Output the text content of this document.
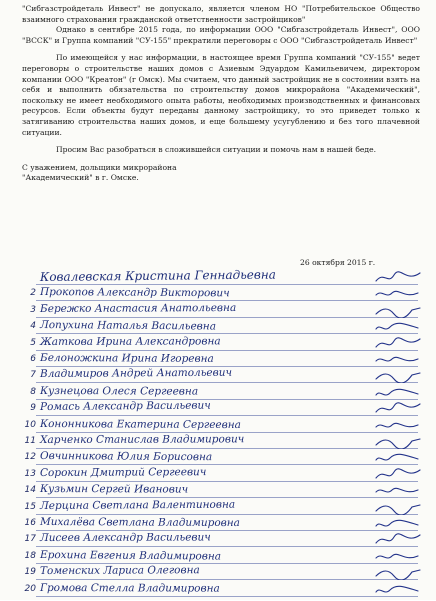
"Сибгазстройдеталь Инвест" не допускало, является членом НО "Потребительское Общество взаимного страхования гражданской ответственности застройщиков"

Однако в сентябре 2015 года, по информации ООО "Сибгазстройдеталь Инвест", ООО "ВССК" и Группа компаний "СУ-155" прекратили переговоры с ООО "Сибгазстройдеталь Инвест"

По имеющейся у нас информации, в настоящее время Группа компаний "СУ-155" ведет переговоры о строительстве наших домов с Азиевым Эдуардом Камильевичем, директором компании ООО "Креатон" (г Омск). Мы считаем, что данный застройщик не в состоянии взять на себя и выполнить обязательства по строительству домов микрорайона "Академический", поскольку не имеет необходимого опыта работы, необходимых производственных и финансовых ресурсов. Если объекты будут переданы данному застройщику, то это приведет только к затягиванию строительства наших домов, и еще большему усугублению и без того плачевной ситуации.

Просим Вас разобраться в сложившейся ситуации и помочь нам в нашей беде.

С уважением, дольщики микрорайона

"Академический" в г. Омске.

26 октября 2015 г.
Ковалевская Кристина Геннадьевна
2 Прокопов Александр Викторович
3 Бережко Анастасия Анатольевна
4 Лопухина Наталья Васильевна
5 Жаткова Ирина Александровна
6 Белоножкина Ирина Игоревна
7 Владимиров Андрей Анатольевич
8 Кузнецова Олеся Сергеевна
9 Ромась Александр Васильевич
10 Кононникова Екатерина Сергеевна
11 Харченко Станислав Владимирович
12 Овчинникова Юлия Борисовна
13 Сорокин Дмитрий Сергеевич
14 Кузьмин Сергей Иванович
15 Лерцина Светлана Валентиновна
16 Михалёва Светлана Владимировна
17 Лисеев Александр Васильевич
18 Ерохина Евгения Владимировна
19 Томенских Лариса Олеговна
20 Громова Стелла Владимировна
